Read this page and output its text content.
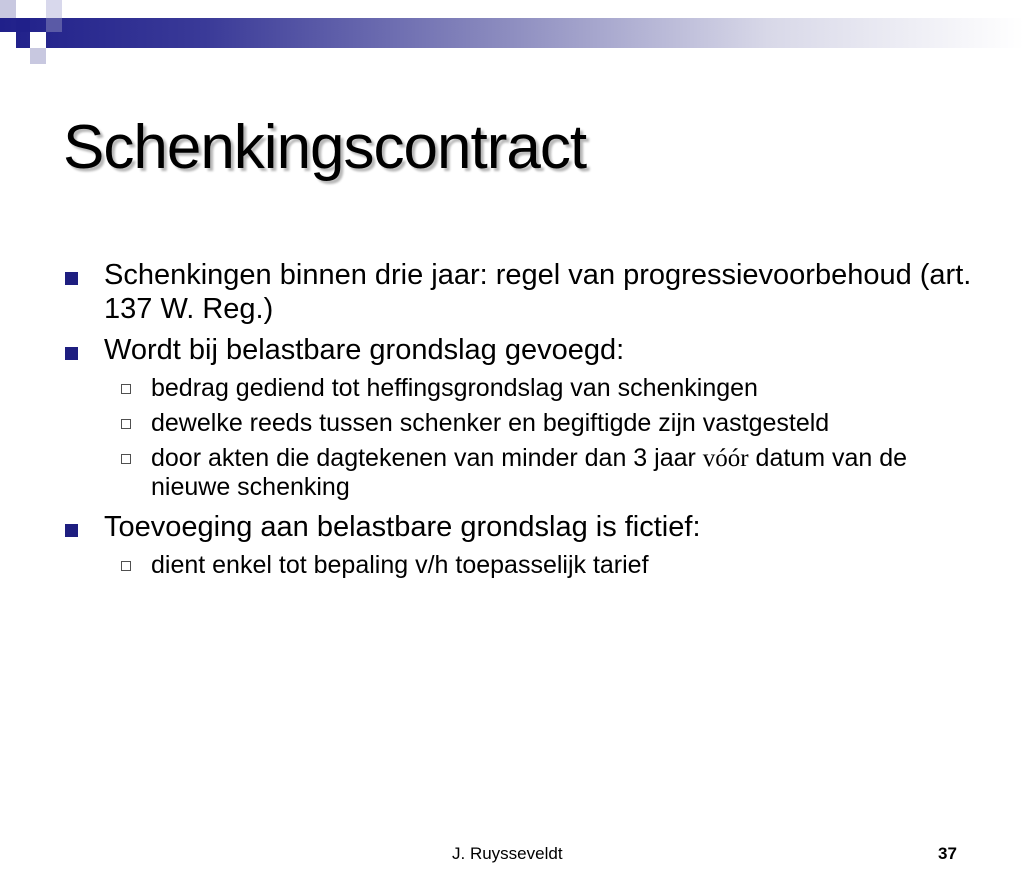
Schenkingscontract
Schenkingen binnen drie jaar: regel van progressievoorbehoud (art. 137 W. Reg.)
Wordt bij belastbare grondslag gevoegd:
bedrag gediend tot heffingsgrondslag van schenkingen
dewelke reeds tussen schenker en begiftigde zijn vastgesteld
door akten die dagtekenen van minder dan 3 jaar vóór datum van de nieuwe schenking
Toevoeging aan belastbare grondslag is fictief:
dient enkel tot bepaling v/h toepasselijk tarief
J. Ruysseveldt	37
